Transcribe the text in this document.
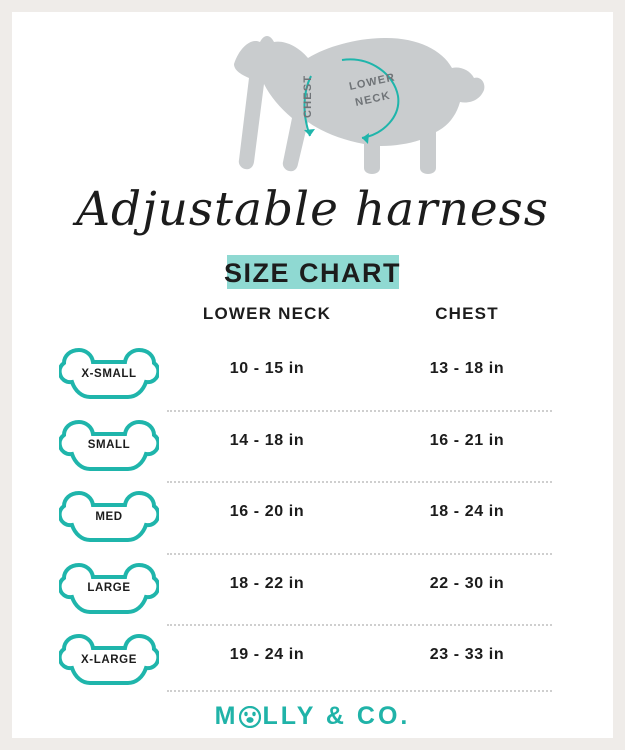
CHEST	LOWER
NECK
Adjustable harness
SIZE CHART
LOWER NECK	CHEST
X-SMALL	10 - 15 in	13 - 18 in
SMALL	14 - 18 in	16 - 21 in
MED	16 - 20 in	18 - 24 in
LARGE	18 - 22 in	22 - 30 in
X-LARGE	19 - 24 in	23 - 33 in
M LLY & CO.
